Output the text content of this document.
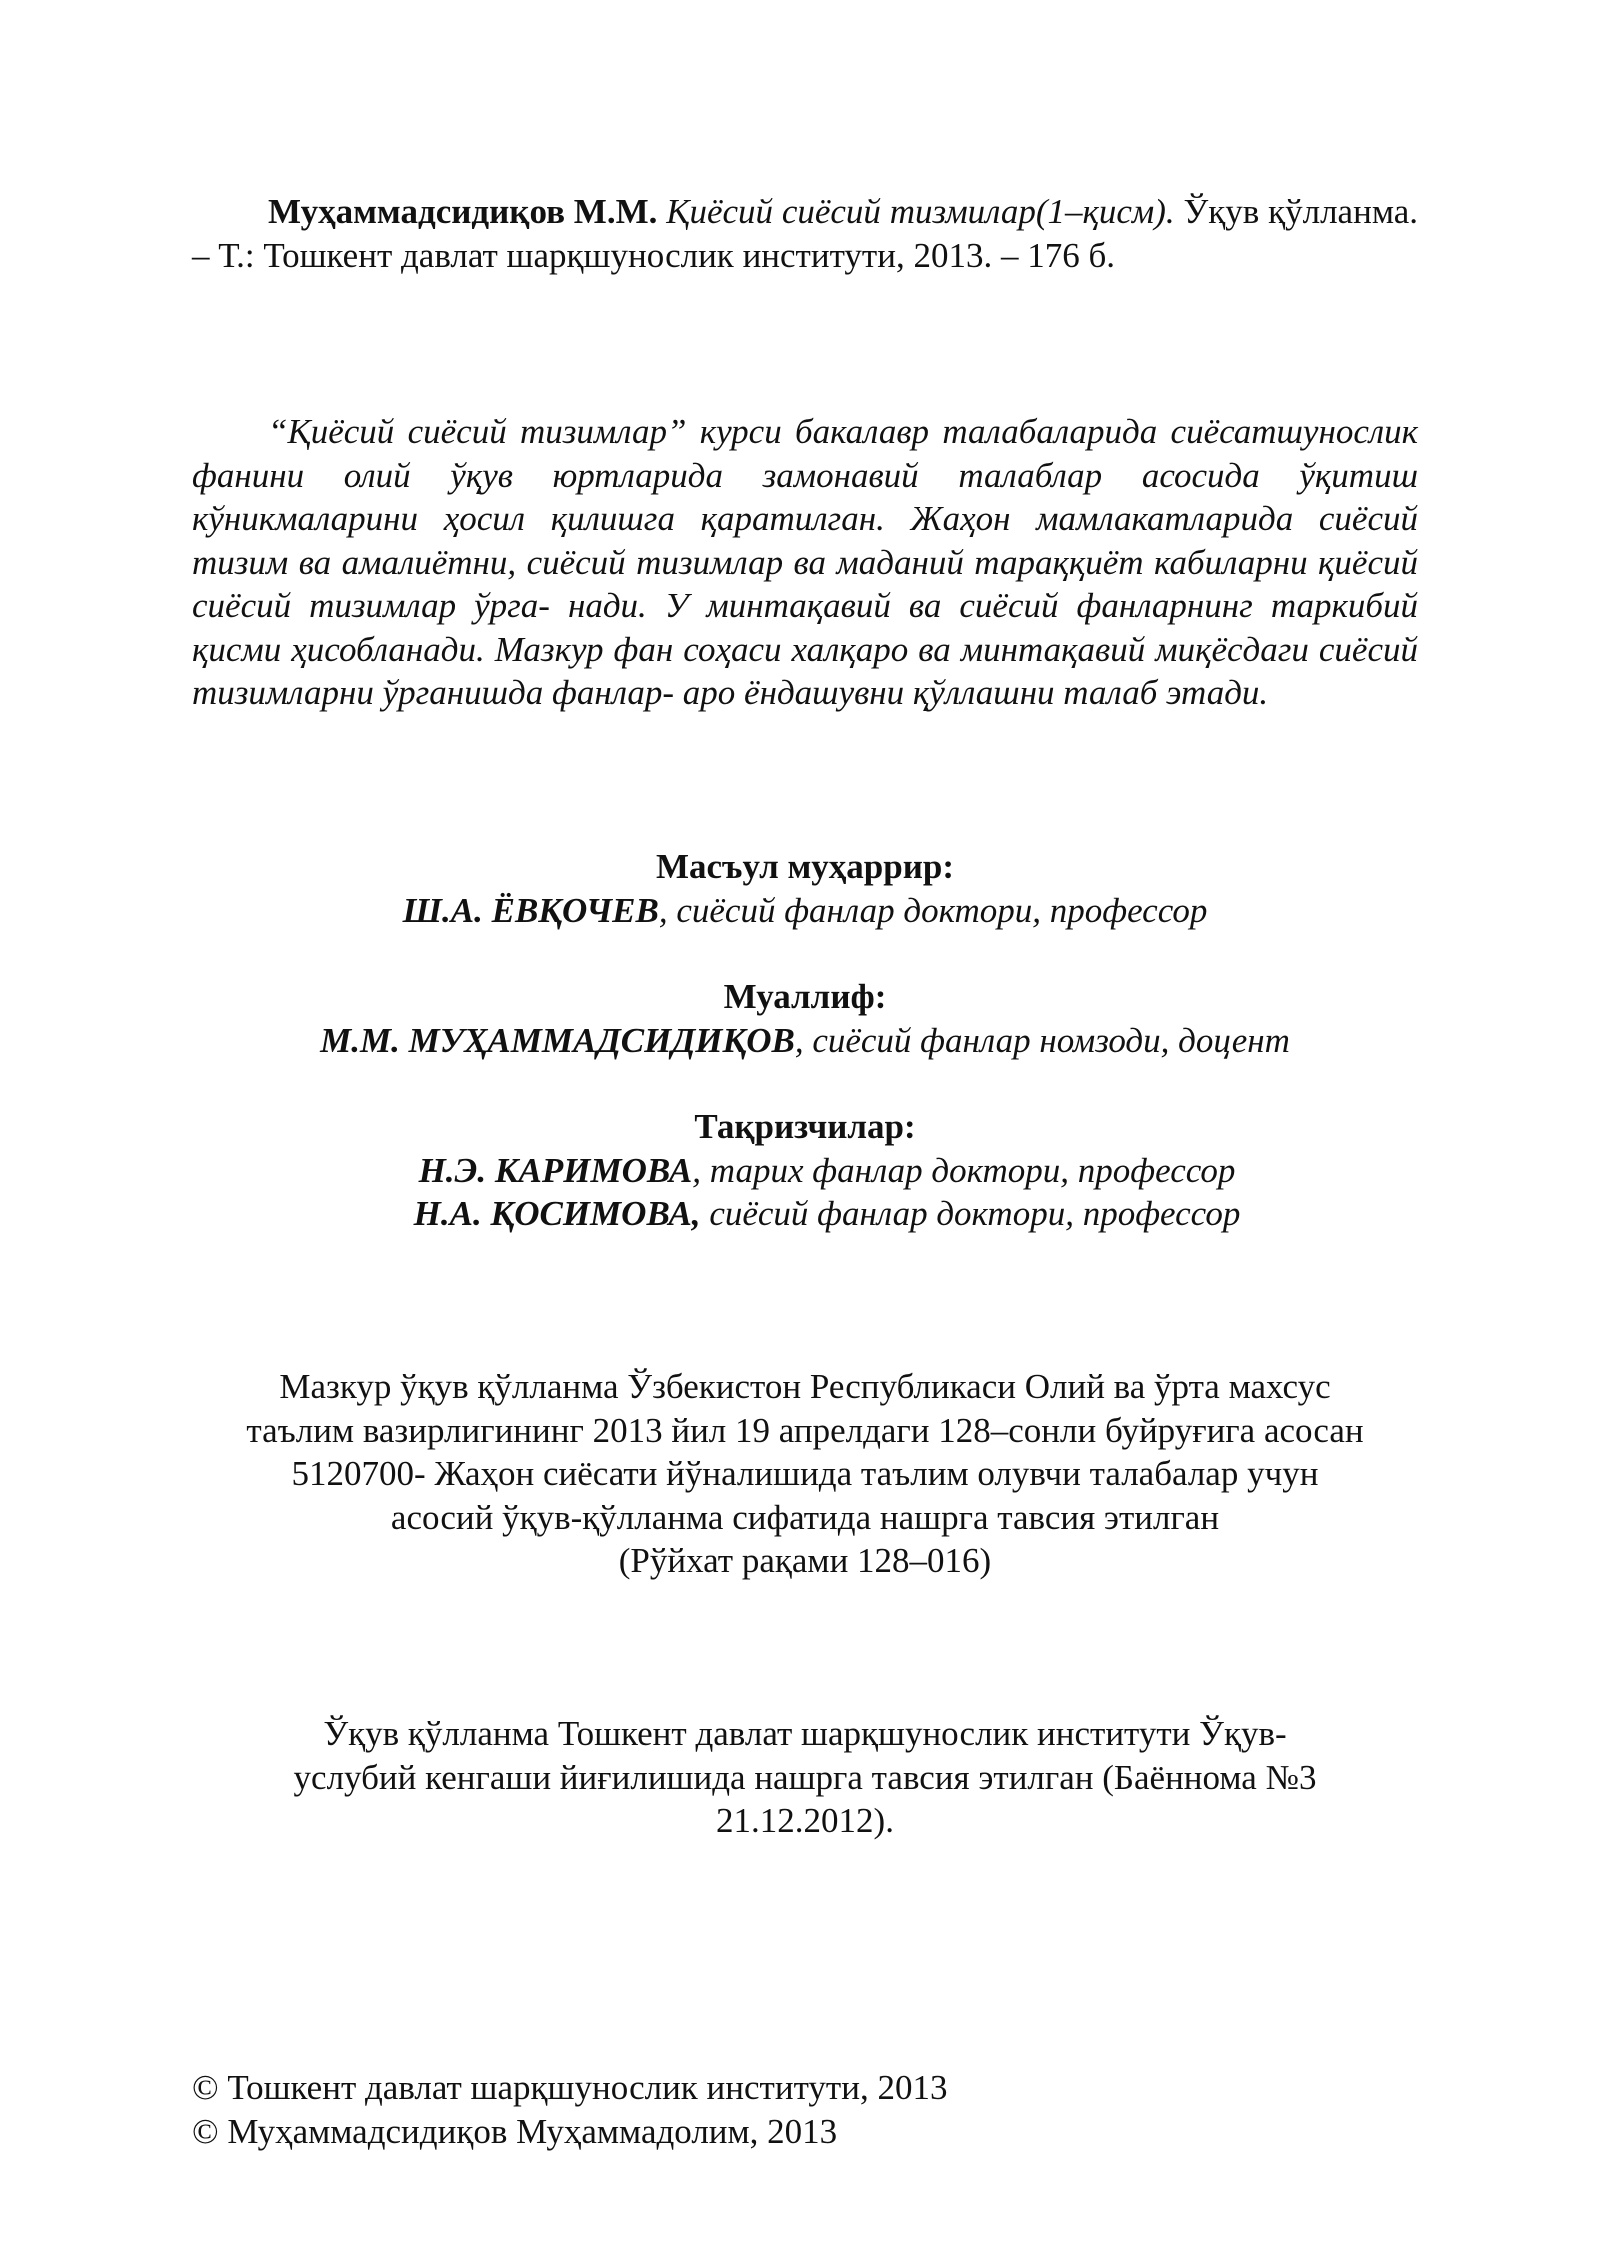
Муҳаммадсидиқов М.М. Қиёсий сиёсий тизмилар(1–қисм). Ўқув қўлланма. – Т.: Тошкент давлат шарқшунослик институти, 2013. – 176 б.

“Қиёсий сиёсий тизимлар” курси бакалавр талабаларида сиёсатшунослик фанини олий ўқув юртларида замонавий талаблар асосида ўқитиш кўникмаларини ҳосил қилишга қаратилган. Жаҳон мамлакатларида сиёсий тизим ва амалиётни, сиёсий тизимлар ва маданий тараққиёт кабиларни қиёсий сиёсий тизимлар ўрга- нади. У минтақавий ва сиёсий фанларнинг таркибий қисми ҳисобланади. Мазкур фан соҳаси халқаро ва минтақавий миқёсдаги сиёсий тизимларни ўрганишда фанлар- аро ёндашувни қўллашни талаб этади.

Масъул муҳаррир:
Ш.А. ЁВҚОЧЕВ, сиёсий фанлар доктори, профессор
Муаллиф:
М.М. МУҲАММАДСИДИҚОВ, сиёсий фанлар номзоди, доцент
Тақризчилар:
Н.Э. КАРИМОВА, тарих фанлар доктори, профессор
Н.А. ҚОСИМОВА, сиёсий фанлар доктори, профессор
Мазкур ўқув қўлланма Ўзбекистон Республикаси Олий ва ўрта махсус
таълим вазирлигининг 2013 йил 19 апрелдаги 128–сонли буйруғига асосан
5120700- Жаҳон сиёсати йўналишида таълим олувчи талабалар учун
асосий ўқув-қўлланма сифатида нашрга тавсия этилган
(Рўйхат рақами 128–016)
Ўқув қўлланма Тошкент давлат шарқшунослик институти Ўқув-
услубий кенгаши йиғилишида нашрга тавсия этилган (Баённома №3
21.12.2012).
© Тошкент давлат шарқшунослик институти, 2013
© Муҳаммадсидиқов Муҳаммадолим, 2013
